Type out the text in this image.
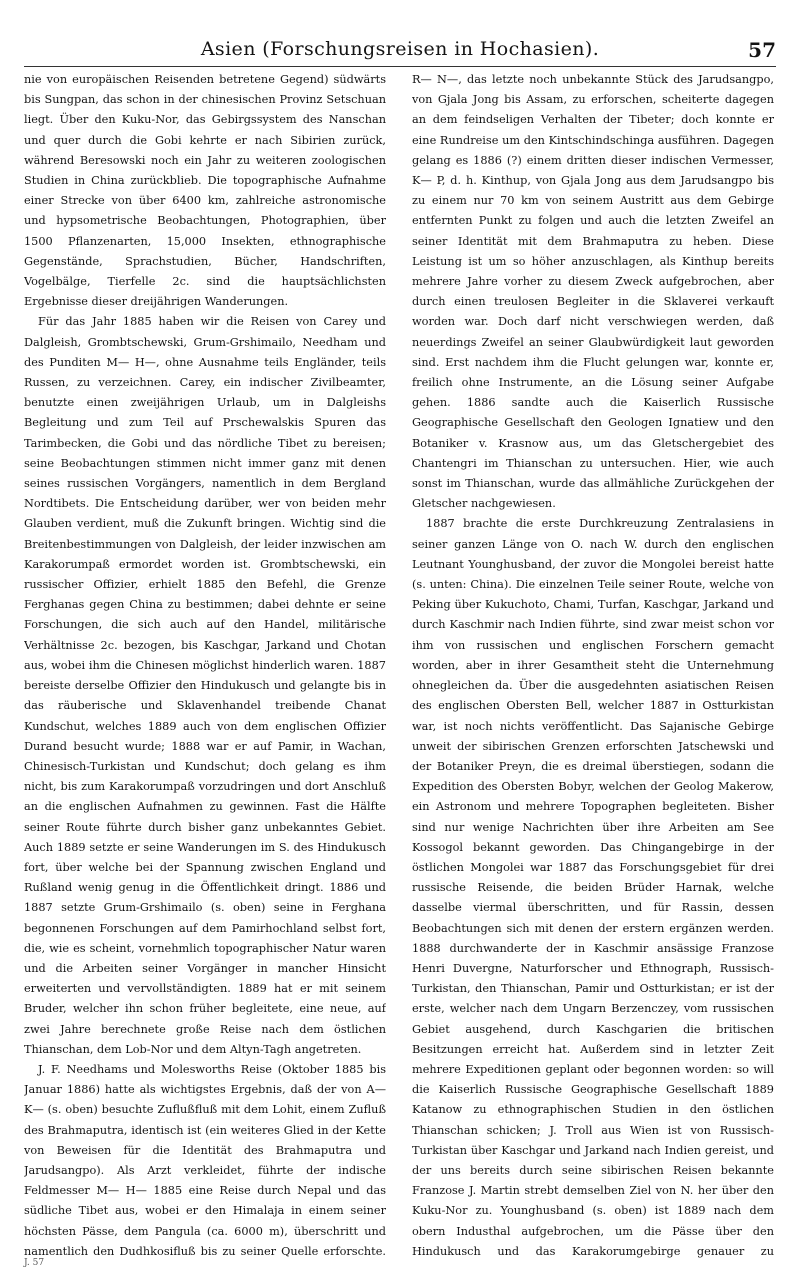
Asien (Forschungsreisen in Hochasien).	57

nie von europäischen Reisenden betretene Gegend) südwärts bis Sungpan, das schon in der chinesischen Provinz Setschuan liegt. Über den Kuku-Nor, das Gebirgssystem des Nanschan und quer durch die Gobi kehrte er nach Sibirien zurück, während Beresowski noch ein Jahr zu weiteren zoologischen Studien in China zurückblieb. Die topographische Aufnahme einer Strecke von über 6400 km, zahlreiche astronomische und hypsometrische Beobachtungen, Photographien, über 1500 Pflanzenarten, 15,000 Insekten, ethnographische Gegenstände, Sprachstudien, Bücher, Handschriften, Vogelbälge, Tierfelle 2c. sind die hauptsächlichsten Ergebnisse dieser dreijährigen Wanderungen.

Für das Jahr 1885 haben wir die Reisen von Carey und Dalgleish, Grombtschewski, Grum-Grshimailo, Needham und des Punditen M— H—, ohne Ausnahme teils Engländer, teils Russen, zu verzeichnen. Carey, ein indischer Zivilbeamter, benutzte einen zweijährigen Urlaub, um in Dalgleishs Begleitung und zum Teil auf Prschewalskis Spuren das Tarimbecken, die Gobi und das nördliche Tibet zu bereisen; seine Beobachtungen stimmen nicht immer ganz mit denen seines russischen Vorgängers, namentlich in dem Bergland Nordtibets. Die Entscheidung darüber, wer von beiden mehr Glauben verdient, muß die Zukunft bringen. Wichtig sind die Breitenbestimmungen von Dalgleish, der leider inzwischen am Karakorumpaß ermordet worden ist. Grombtschewski, ein russischer Offizier, erhielt 1885 den Befehl, die Grenze Ferghanas gegen China zu bestimmen; dabei dehnte er seine Forschungen, die sich auch auf den Handel, militärische Verhältnisse 2c. bezogen, bis Kaschgar, Jarkand und Chotan aus, wobei ihm die Chinesen möglichst hinderlich waren. 1887 bereiste derselbe Offizier den Hindukusch und gelangte bis in das räuberische und Sklavenhandel treibende Chanat Kundschut, welches 1889 auch von dem englischen Offizier Durand besucht wurde; 1888 war er auf Pamir, in Wachan, Chinesisch-Turkistan und Kundschut; doch gelang es ihm nicht, bis zum Karakorumpaß vorzudringen und dort Anschluß an die englischen Aufnahmen zu gewinnen. Fast die Hälfte seiner Route führte durch bisher ganz unbekanntes Gebiet. Auch 1889 setzte er seine Wanderungen im S. des Hindukusch fort, über welche bei der Spannung zwischen England und Rußland wenig genug in die Öffentlichkeit dringt. 1886 und 1887 setzte Grum-Grshimailo (s. oben) seine in Ferghana begonnenen Forschungen auf dem Pamirhochland selbst fort, die, wie es scheint, vornehmlich topographischer Natur waren und die Arbeiten seiner Vorgänger in mancher Hinsicht erweiterten und vervollständigten. 1889 hat er mit seinem Bruder, welcher ihn schon früher begleitete, eine neue, auf zwei Jahre berechnete große Reise nach dem östlichen Thianschan, dem Lob-Nor und dem Altyn-Tagh angetreten.

J. F. Needhams und Molesworths Reise (Oktober 1885 bis Januar 1886) hatte als wichtigstes Ergebnis, daß der von A— K— (s. oben) besuchte Zuflußfluß mit dem Lohit, einem Zufluß des Brahmaputra, identisch ist (ein weiteres Glied in der Kette von Beweisen für die Identität des Brahmaputra und Jarudsangpo). Als Arzt verkleidet, führte der indische Feldmesser M— H— 1885 eine Reise durch Nepal und das südliche Tibet aus, wobei er den Himalaja in einem seiner höchsten Pässe, dem Pangula (ca. 6000 m), überschritt und namentlich den Dudhkosifluß bis zu seiner Quelle erforschte.

R— N—, das letzte noch unbekannte Stück des Jarudsangpo, von Gjala Jong bis Assam, zu erforschen, scheiterte dagegen an dem feindseligen Verhalten der Tibeter; doch konnte er eine Rundreise um den Kintschindschinga ausführen. Dagegen gelang es 1886 (?) einem dritten dieser indischen Vermesser, K— P, d. h. Kinthup, von Gjala Jong aus dem Jarudsangpo bis zu einem nur 70 km von seinem Austritt aus dem Gebirge entfernten Punkt zu folgen und auch die letzten Zweifel an seiner Identität mit dem Brahmaputra zu heben. Diese Leistung ist um so höher anzuschlagen, als Kinthup bereits mehrere Jahre vorher zu diesem Zweck aufgebrochen, aber durch einen treulosen Begleiter in die Sklaverei verkauft worden war. Doch darf nicht verschwiegen werden, daß neuerdings Zweifel an seiner Glaubwürdigkeit laut geworden sind. Erst nachdem ihm die Flucht gelungen war, konnte er, freilich ohne Instrumente, an die Lösung seiner Aufgabe gehen. 1886 sandte auch die Kaiserlich Russische Geographische Gesellschaft den Geologen Ignatiew und den Botaniker v. Krasnow aus, um das Gletschergebiet des Chantengri im Thianschan zu untersuchen. Hier, wie auch sonst im Thianschan, wurde das allmähliche Zurückgehen der Gletscher nachgewiesen.

1887 brachte die erste Durchkreuzung Zentralasiens in seiner ganzen Länge von O. nach W. durch den englischen Leutnant Younghusband, der zuvor die Mongolei bereist hatte (s. unten: China). Die einzelnen Teile seiner Route, welche von Peking über Kukuchoto, Chami, Turfan, Kaschgar, Jarkand und durch Kaschmir nach Indien führte, sind zwar meist schon vor ihm von russischen und englischen Forschern gemacht worden, aber in ihrer Gesamtheit steht die Unternehmung ohnegleichen da. Über die ausgedehnten asiatischen Reisen des englischen Obersten Bell, welcher 1887 in Ostturkistan war, ist noch nichts veröffentlicht. Das Sajanische Gebirge unweit der sibirischen Grenzen erforschten Jatschewski und der Botaniker Preyn, die es dreimal überstiegen, sodann die Expedition des Obersten Bobyr, welchen der Geolog Makerow, ein Astronom und mehrere Topographen begleiteten. Bisher sind nur wenige Nachrichten über ihre Arbeiten am See Kossogol bekannt geworden. Das Chingangebirge in der östlichen Mongolei war 1887 das Forschungsgebiet für drei russische Reisende, die beiden Brüder Harnak, welche dasselbe viermal überschritten, und für Rassin, dessen Beobachtungen sich mit denen der erstern ergänzen werden. 1888 durchwanderte der in Kaschmir ansässige Franzose Henri Duvergne, Naturforscher und Ethnograph, Russisch-Turkistan, den Thianschan, Pamir und Ostturkistan; er ist der erste, welcher nach dem Ungarn Berzenczey, vom russischen Gebiet ausgehend, durch Kaschgarien die britischen Besitzungen erreicht hat. Außerdem sind in letzter Zeit mehrere Expeditionen geplant oder begonnen worden: so will die Kaiserlich Russische Geographische Gesellschaft 1889 Katanow zu ethnographischen Studien in den östlichen Thianschan schicken; J. Troll aus Wien ist von Russisch-Turkistan über Kaschgar und Jarkand nach Indien gereist, und der uns bereits durch seine sibirischen Reisen bekannte Franzose J. Martin strebt demselben Ziel von N. her über den Kuku-Nor zu. Younghusband (s. oben) ist 1889 nach dem obern Industhal aufgebrochen, um die Pässe über den Hindukusch und das Karakorumgebirge genauer zu

J. 57
